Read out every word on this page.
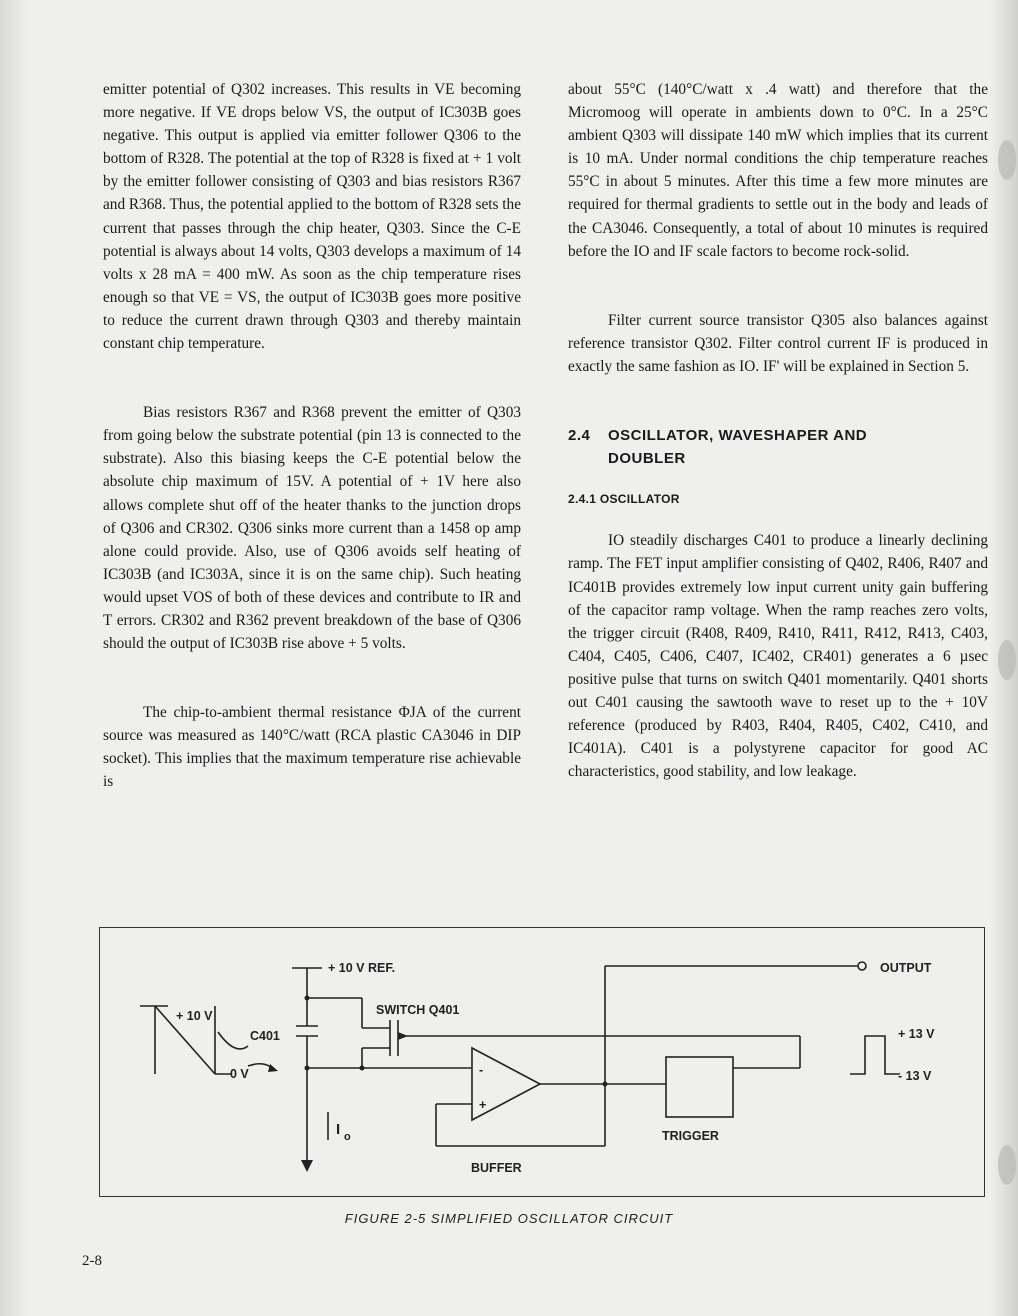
emitter potential of Q302 increases. This results in VE becoming more negative. If VE drops below VS, the output of IC303B goes negative. This output is applied via emitter follower Q306 to the bottom of R328. The potential at the top of R328 is fixed at + 1 volt by the emitter follower consisting of Q303 and bias resistors R367 and R368. Thus, the potential applied to the bottom of R328 sets the current that passes through the chip heater, Q303. Since the C-E potential is always about 14 volts, Q303 develops a maximum of 14 volts x 28 mA = 400 mW. As soon as the chip temperature rises enough so that VE = VS, the output of IC303B goes more positive to reduce the current drawn through Q303 and thereby maintain constant chip temperature.

Bias resistors R367 and R368 prevent the emitter of Q303 from going below the substrate potential (pin 13 is connected to the substrate). Also this biasing keeps the C-E potential below the absolute chip maximum of 15V. A potential of + 1V here also allows complete shut off of the heater thanks to the junction drops of Q306 and CR302. Q306 sinks more current than a 1458 op amp alone could provide. Also, use of Q306 avoids self heating of IC303B (and IC303A, since it is on the same chip). Such heating would upset VOS of both of these devices and contribute to IR and T errors. CR302 and R362 prevent breakdown of the base of Q306 should the output of IC303B rise above + 5 volts.

The chip-to-ambient thermal resistance ΦJA of the current source was measured as 140°C/watt (RCA plastic CA3046 in DIP socket). This implies that the maximum temperature rise achievable is

about 55°C (140°C/watt x .4 watt) and therefore that the Micromoog will operate in ambients down to 0°C. In a 25°C ambient Q303 will dissipate 140 mW which implies that its current is 10 mA. Under normal conditions the chip temperature reaches 55°C in about 5 minutes. After this time a few more minutes are required for thermal gradients to settle out in the body and leads of the CA3046. Consequently, a total of about 10 minutes is required before the IO and IF scale factors to become rock-solid.

Filter current source transistor Q305 also balances against reference transistor Q302. Filter control current IF is produced in exactly the same fashion as IO. IF' will be explained in Section 5.

2.4	OSCILLATOR, WAVESHAPER AND DOUBLER
2.4.1 OSCILLATOR

IO steadily discharges C401 to produce a linearly declining ramp. The FET input amplifier consisting of Q402, R406, R407 and IC401B provides extremely low input current unity gain buffering of the capacitor ramp voltage. When the ramp reaches zero volts, the trigger circuit (R408, R409, R410, R411, R412, R413, C403, C404, C405, C406, C407, IC402, CR401) generates a 6 µsec positive pulse that turns on switch Q401 momentarily. Q401 shorts out C401 causing the sawtooth wave to reset up to the + 10V reference (produced by R403, R404, R405, C402, C410, and IC401A). C401 is a polystyrene capacitor for good AC characteristics, good stability, and low leakage.

+ 10 V REF.	OUTPUT
SWITCH Q401
+ 10 V
0 V
C401	+ 13 V
- 13 V
I o
-
+
TRIGGER
BUFFER
FIGURE 2-5 SIMPLIFIED OSCILLATOR CIRCUIT
2-8
